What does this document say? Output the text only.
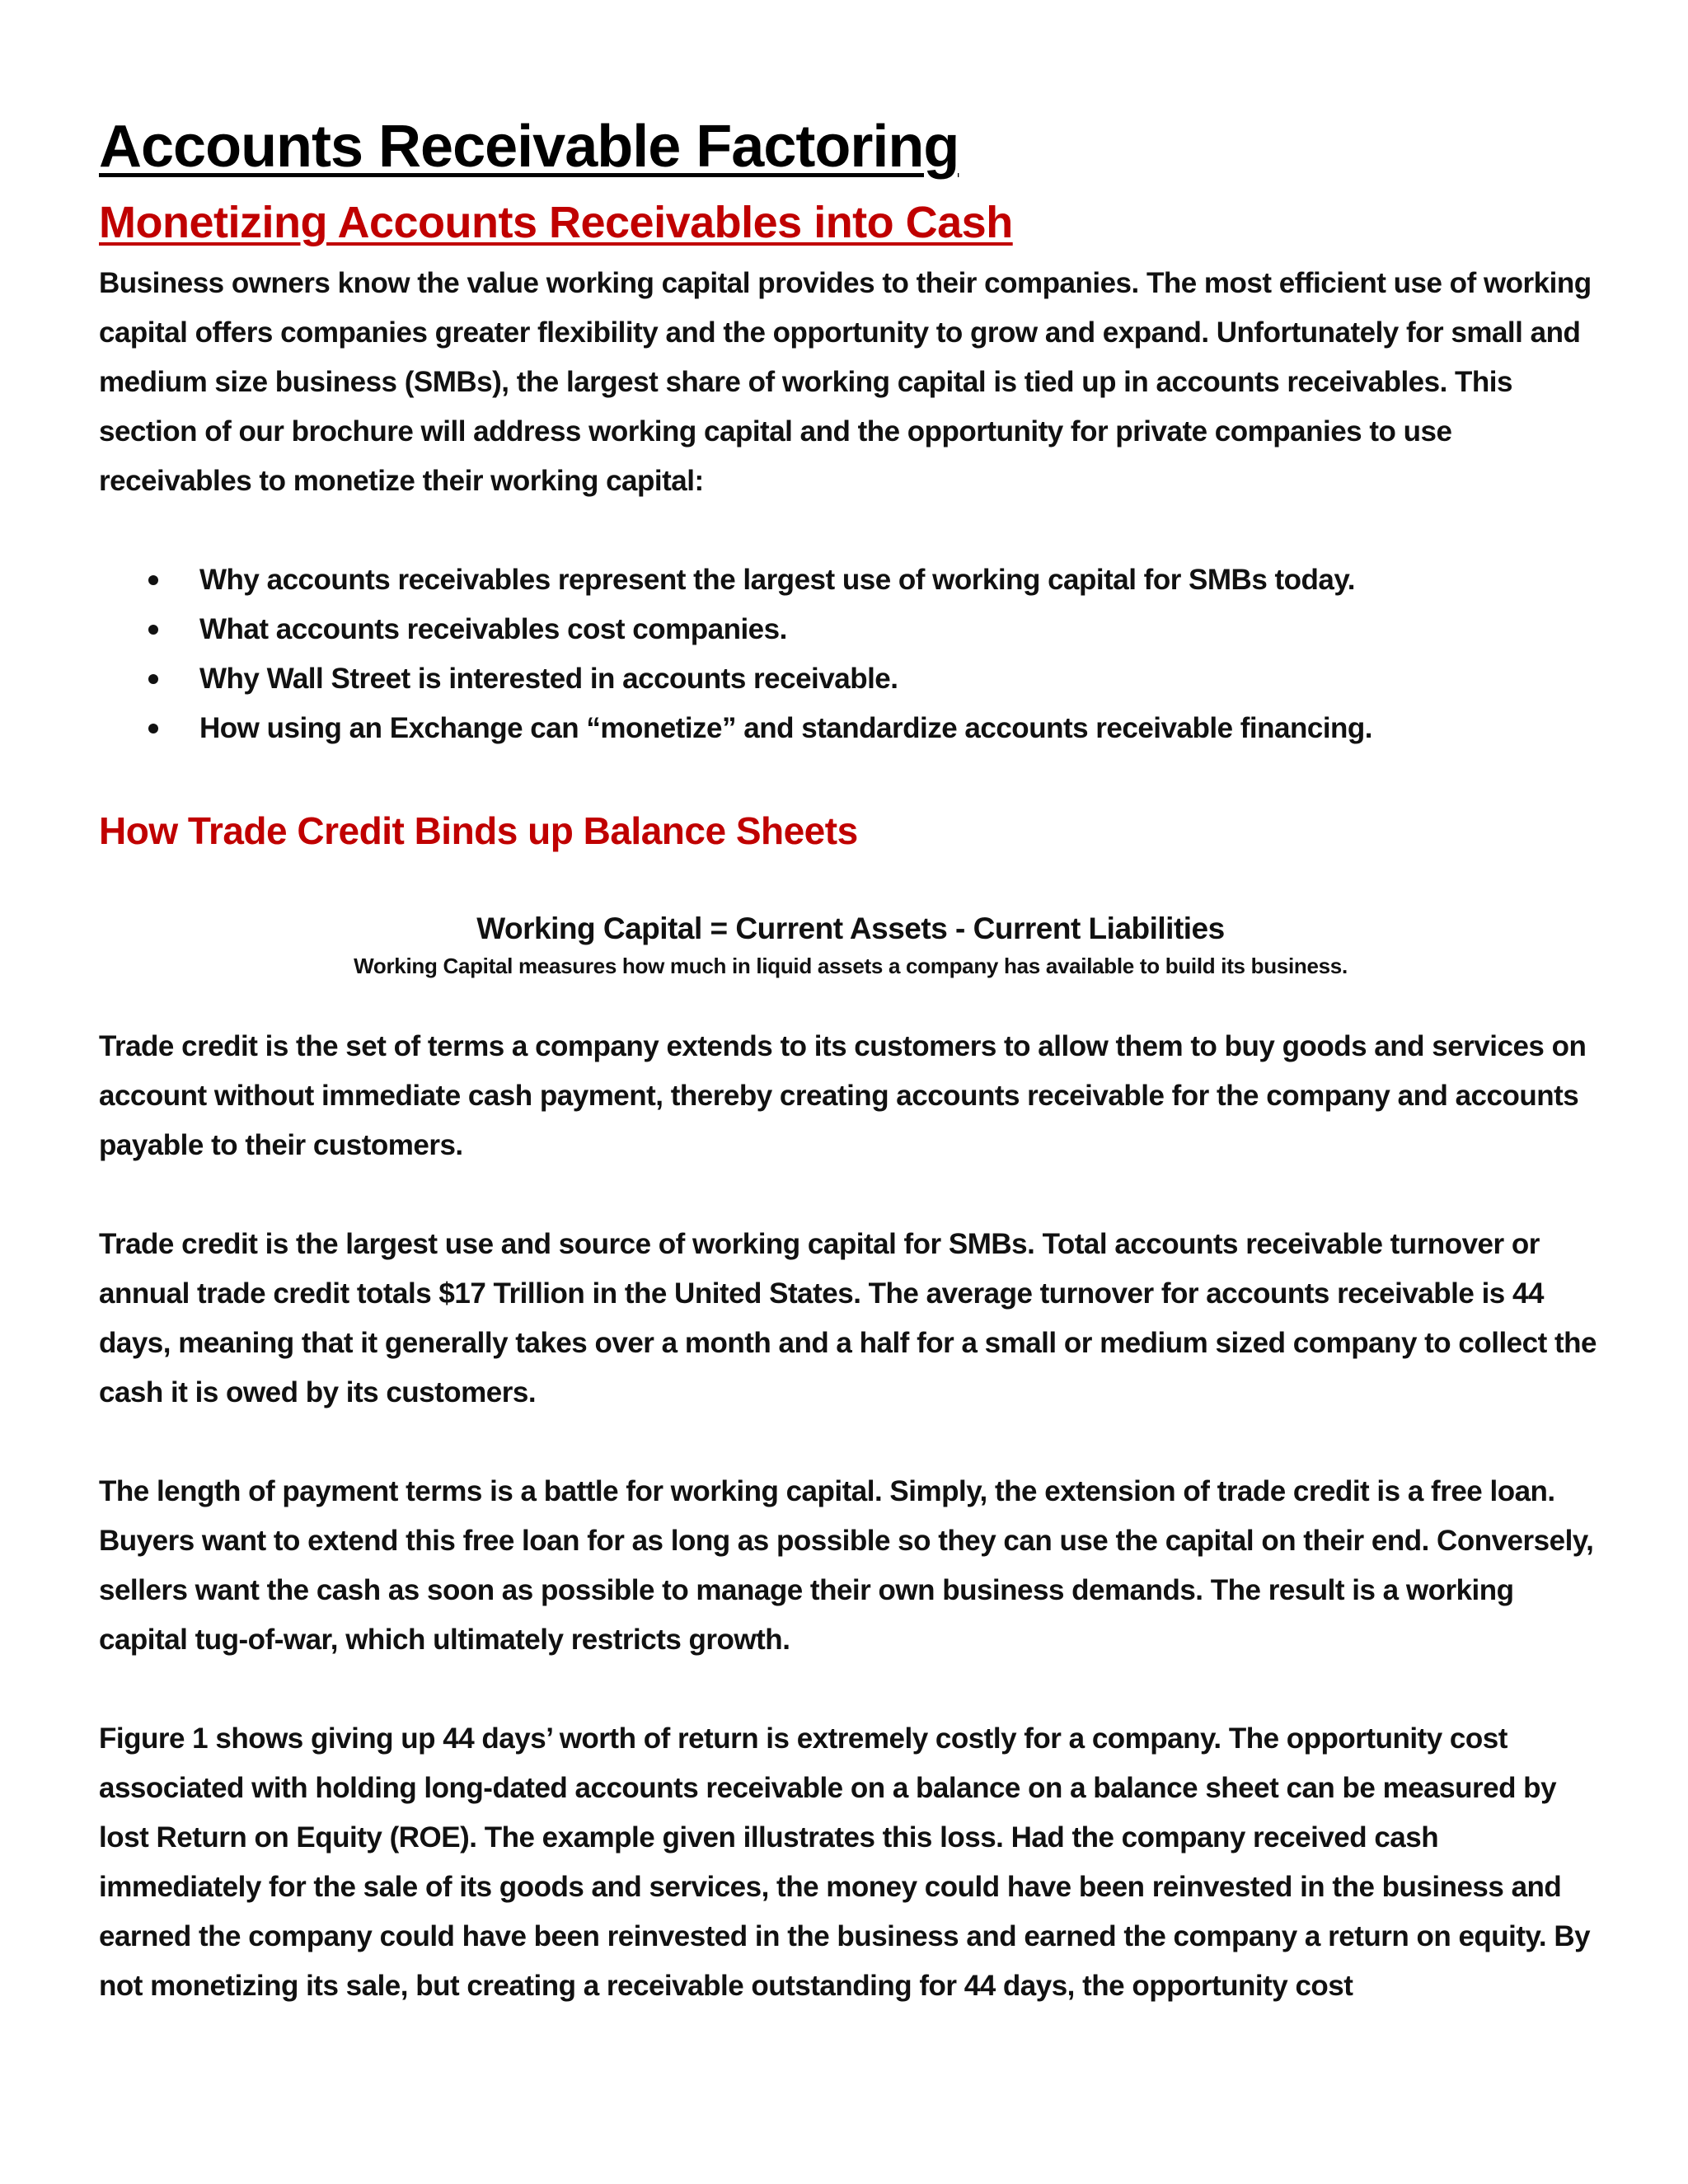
Accounts Receivable Factoring
Monetizing Accounts Receivables into Cash

Business owners know the value working capital provides to their companies. The most efficient use of working capital offers companies greater flexibility and the opportunity to grow and expand. Unfortunately for small and medium size business (SMBs), the largest share of working capital is tied up in accounts receivables. This section of our brochure will address working capital and the opportunity for private companies to use receivables to monetize their working capital:

Why accounts receivables represent the largest use of working capital for SMBs today.
What accounts receivables cost companies.
Why Wall Street is interested in accounts receivable.
How using an Exchange can “monetize” and standardize accounts receivable financing.
How Trade Credit Binds up Balance Sheets
Working Capital = Current Assets - Current Liabilities
Working Capital measures how much in liquid assets a company has available to build its business.

Trade credit is the set of terms a company extends to its customers to allow them to buy goods and services on account without immediate cash payment, thereby creating accounts receivable for the company and accounts payable to their customers.

Trade credit is the largest use and source of working capital for SMBs. Total accounts receivable turnover or annual trade credit totals $17 Trillion in the United States. The average turnover for accounts receivable is 44 days, meaning that it generally takes over a month and a half for a small or medium sized company to collect the cash it is owed by its customers.

The length of payment terms is a battle for working capital. Simply, the extension of trade credit is a free loan. Buyers want to extend this free loan for as long as possible so they can use the capital on their end. Conversely, sellers want the cash as soon as possible to manage their own business demands. The result is a working capital tug-of-war, which ultimately restricts growth.

Figure 1 shows giving up 44 days’ worth of return is extremely costly for a company. The opportunity cost associated with holding long-dated accounts receivable on a balance on a balance sheet can be measured by lost Return on Equity (ROE). The example given illustrates this loss. Had the company received cash immediately for the sale of its goods and services, the money could have been reinvested in the business and earned the company could have been reinvested in the business and earned the company a return on equity. By not monetizing its sale, but creating a receivable outstanding for 44 days, the opportunity cost
